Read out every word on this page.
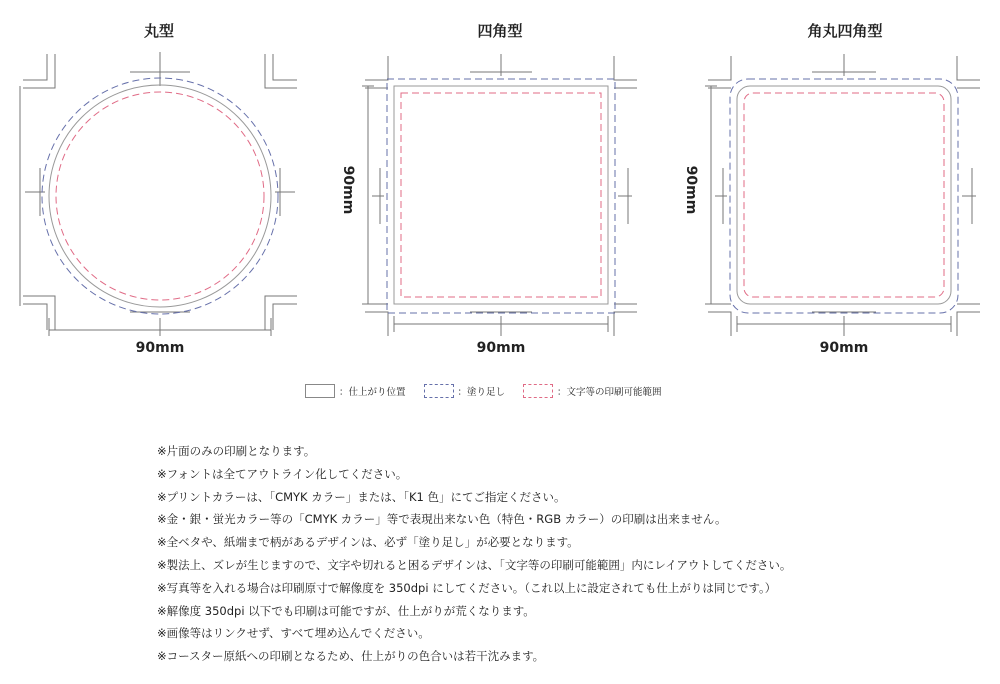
丸型	四角型	角丸四角型
90mm	90mm	90mm
90mm	90mm
：仕上がり位置	：塗り足し	：文字等の印刷可能範囲
※片面のみの印刷となります。
※フォントは全てアウトライン化してください。
※プリントカラーは、「CMYK カラー」または、「K1 色」にてご指定ください。
※金・銀・蛍光カラー等の「CMYK カラー」等で表現出来ない色（特色・RGB カラー）の印刷は出来ません。
※全ベタや、紙端まで柄があるデザインは、必ず「塗り足し」が必要となります。
※製法上、ズレが生じますので、文字や切れると困るデザインは、「文字等の印刷可能範囲」内にレイアウトしてください。
※写真等を入れる場合は印刷原寸で解像度を 350dpi にしてください。（これ以上に設定されても仕上がりは同じです。）
※解像度 350dpi 以下でも印刷は可能ですが、仕上がりが荒くなります。
※画像等はリンクせず、すべて埋め込んでください。
※コースター原紙への印刷となるため、仕上がりの色合いは若干沈みます。
